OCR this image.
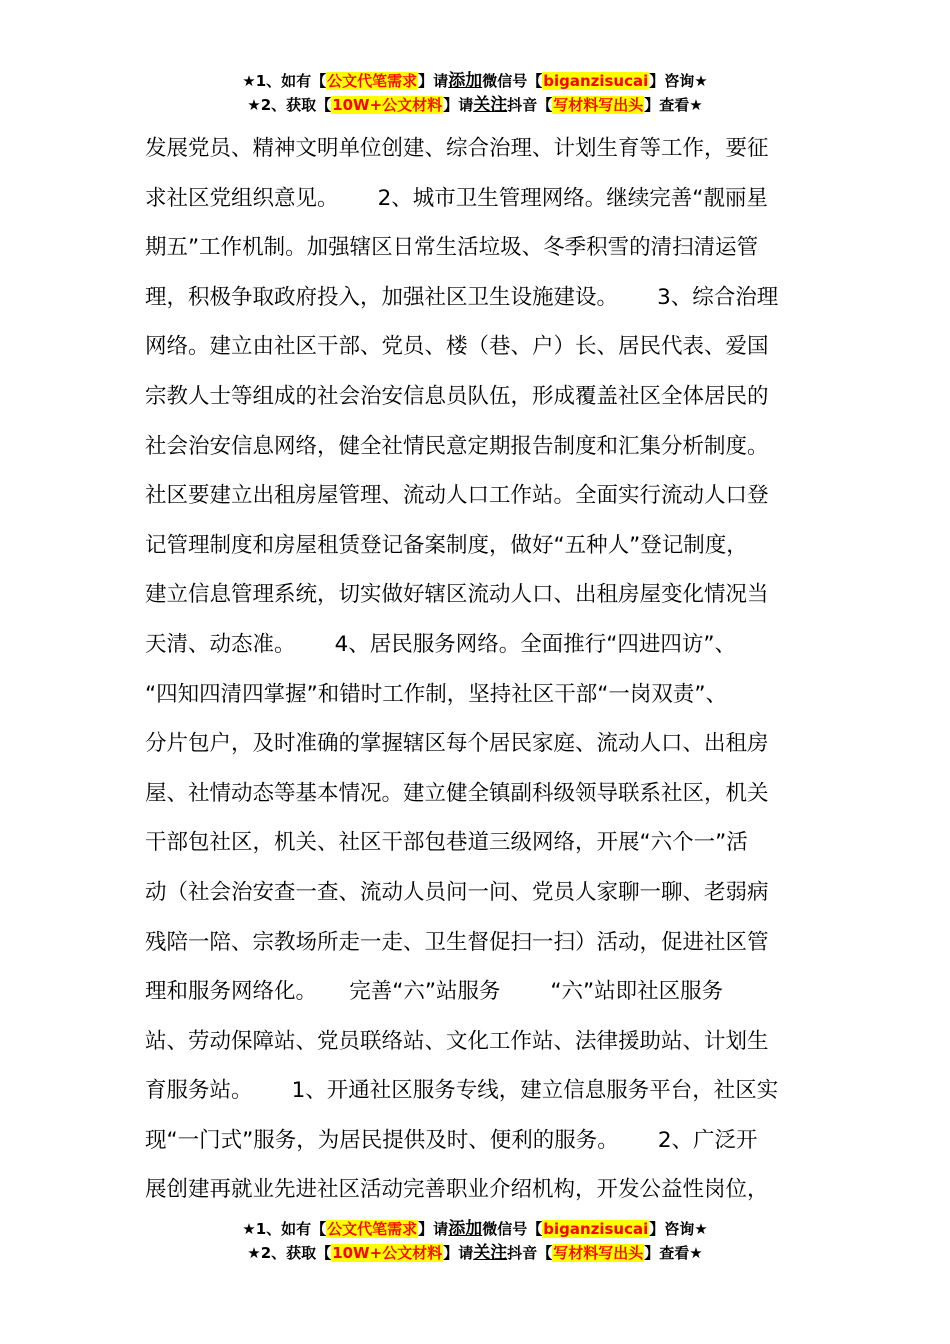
★1、如有【公文代笔需求】请添加微信号【biganzisucai】咨询★
★2、获取【10W+公文材料】请关注抖音【写材料写出头】查看★
发展党员、精神文明单位创建、综合治理、计划生育等工作，要征
求社区党组织意见。　　 2、城市卫生管理网络。继续完善“靓丽星
期五”工作机制。加强辖区日常生活垃圾、冬季积雪的清扫清运管
理，积极争取政府投入，加强社区卫生设施建设。　　 3、综合治理
网络。建立由社区干部、党员、楼（巷、户）长、居民代表、爱国
宗教人士等组成的社会治安信息员队伍，形成覆盖社区全体居民的
社会治安信息网络，健全社情民意定期报告制度和汇集分析制度。
社区要建立出租房屋管理、流动人口工作站。全面实行流动人口登
记管理制度和房屋租赁登记备案制度，做好“五种人”登记制度，
建立信息管理系统，切实做好辖区流动人口、出租房屋变化情况当
天清、动态准。　　 4、居民服务网络。全面推行“四进四访”、
“四知四清四掌握”和错时工作制，坚持社区干部“一岗双责”、
分片包户，及时准确的掌握辖区每个居民家庭、流动人口、出租房
屋、社情动态等基本情况。建立健全镇副科级领导联系社区，机关
干部包社区，机关、社区干部包巷道三级网络，开展“六个一”活
动（社会治安查一查、流动人员问一问、党员人家聊一聊、老弱病
残陪一陪、宗教场所走一走、卫生督促扫一扫）活动，促进社区管
理和服务网络化。　　完善“六”站服务　　 “六”站即社区服务
站、劳动保障站、党员联络站、文化工作站、法律援助站、计划生
育服务站。　　 1、开通社区服务专线，建立信息服务平台，社区实
现“一门式”服务，为居民提供及时、便利的服务。　　 2、广泛开
展创建再就业先进社区活动完善职业介绍机构，开发公益性岗位，
★1、如有【公文代笔需求】请添加微信号【biganzisucai】咨询★
★2、获取【10W+公文材料】请关注抖音【写材料写出头】查看★
